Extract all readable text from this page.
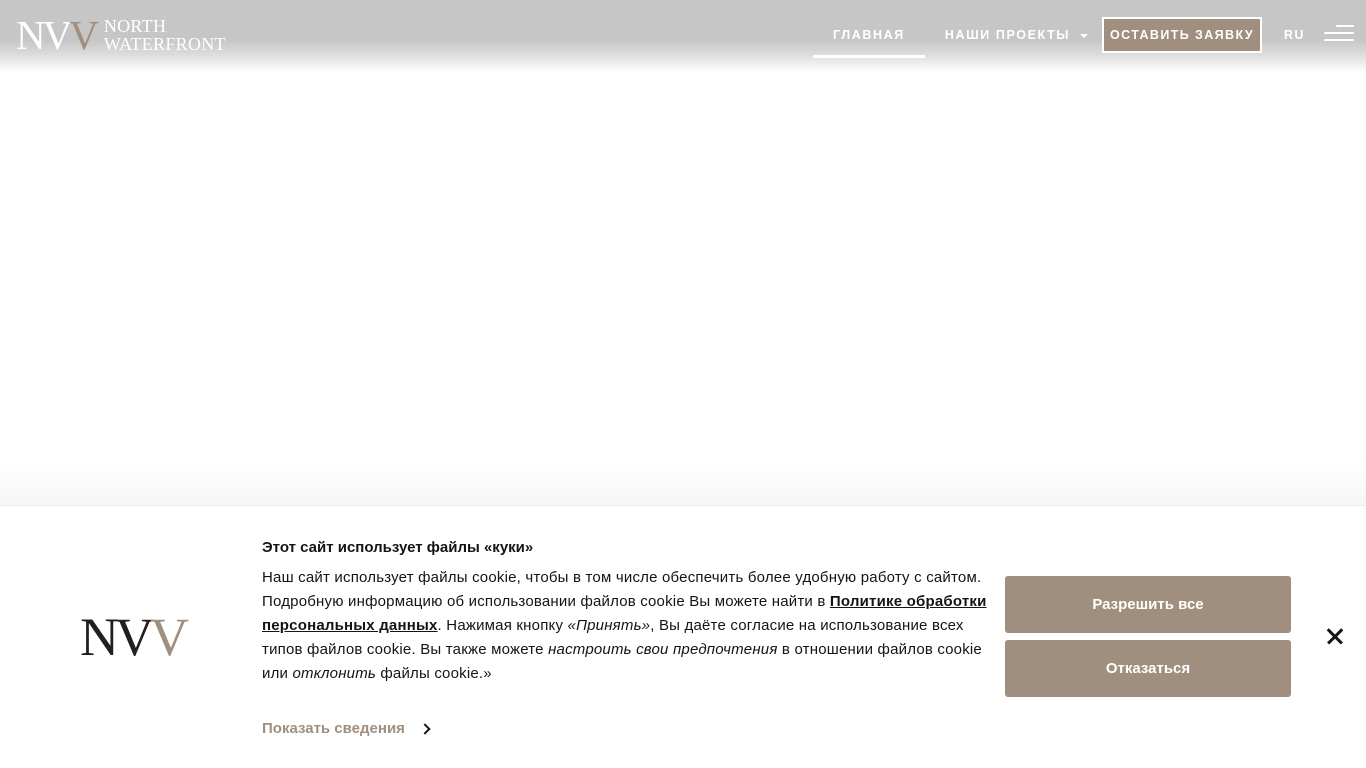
NVV NORTH
WATERFRONT	ГЛАВНАЯ	НАШИ ПРОЕКТЫ	ОСТАВИТЬ ЗАЯВКУ	RU
NVV
Этот сайт использует файлы «куки»
Наш сайт использует файлы cookie, чтобы в том числе обеспечить более удобную работу с сайтом. Подробную информацию об использовании файлов cookie Вы можете найти в Политике обработки персональных данных. Нажимая кнопку «Принять», Вы даёте согласие на использование всех типов файлов cookie. Вы также можете настроить свои предпочтения в отношении файлов cookie или отклонить файлы cookie.»
Показать сведения
Разрешить все
Отказаться
